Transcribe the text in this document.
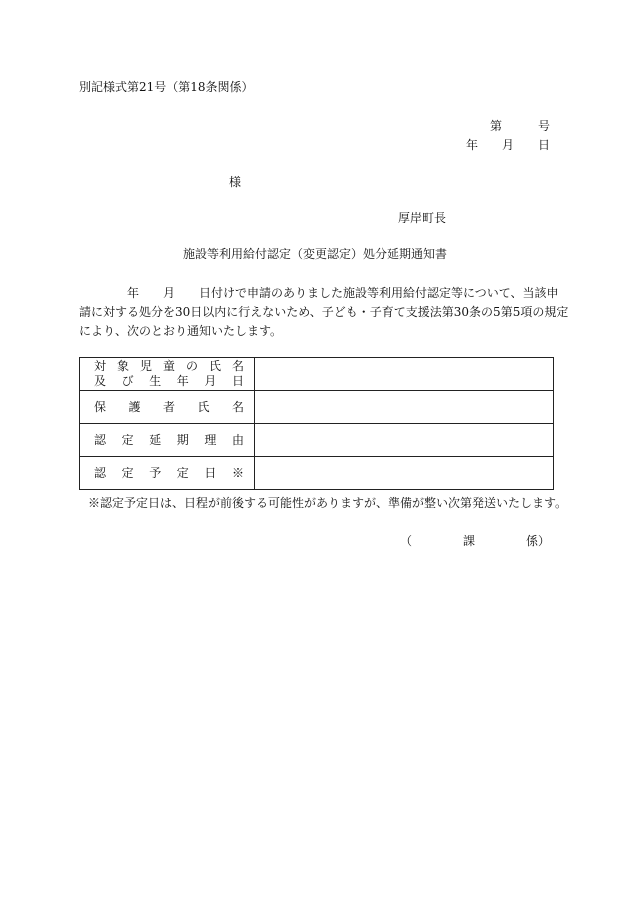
別記様式第21号（第18条関係）
第　　　号
年　　月　　日
様
厚岸町長
施設等利用給付認定（変更認定）処分延期通知書
　　　　年　　月　　日付けで申請のありました施設等利用給付認定等について、当該申
請に対する処分を30日以内に行えないため、子ども・子育て支援法第30条の5第5項の規定
により、次のとおり通知いたします。
対 象 児 童 の 氏 名
及 び 生 年 月 日	

保 護 者 氏 名	

認 定 延 期 理 由	

認 定 予 定 日 ※	

※認定予定日は、日程が前後する可能性がありますが、準備が整い次第発送いたします。
（	課	係）
